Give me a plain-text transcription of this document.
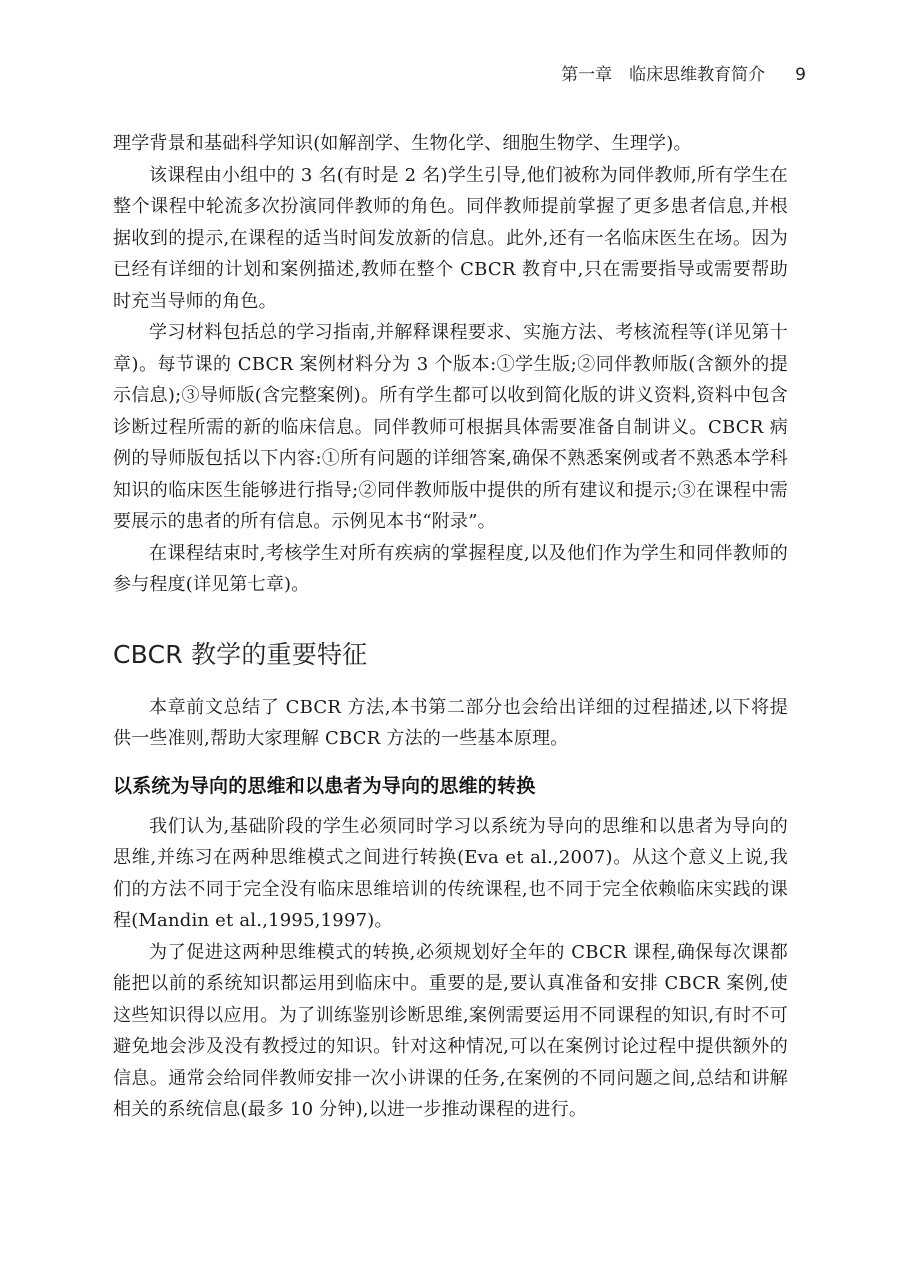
第一章　临床思维教育简介 9

理学背景和基础科学知识(如解剖学、生物化学、细胞生物学、生理学)。

该课程由小组中的 3 名(有时是 2 名)学生引导,他们被称为同伴教师,所有学生在整个课程中轮流多次扮演同伴教师的角色。同伴教师提前掌握了更多患者信息,并根据收到的提示,在课程的适当时间发放新的信息。此外,还有一名临床医生在场。因为已经有详细的计划和案例描述,教师在整个 CBCR 教育中,只在需要指导或需要帮助时充当导师的角色。

学习材料包括总的学习指南,并解释课程要求、实施方法、考核流程等(详见第十章)。每节课的 CBCR 案例材料分为 3 个版本:①学生版;②同伴教师版(含额外的提示信息);③导师版(含完整案例)。所有学生都可以收到简化版的讲义资料,资料中包含诊断过程所需的新的临床信息。同伴教师可根据具体需要准备自制讲义。CBCR 病例的导师版包括以下内容:①所有问题的详细答案,确保不熟悉案例或者不熟悉本学科知识的临床医生能够进行指导;②同伴教师版中提供的所有建议和提示;③在课程中需要展示的患者的所有信息。示例见本书“附录”。

在课程结束时,考核学生对所有疾病的掌握程度,以及他们作为学生和同伴教师的参与程度(详见第七章)。

CBCR 教学的重要特征

本章前文总结了 CBCR 方法,本书第二部分也会给出详细的过程描述,以下将提供一些准则,帮助大家理解 CBCR 方法的一些基本原理。

以系统为导向的思维和以患者为导向的思维的转换

我们认为,基础阶段的学生必须同时学习以系统为导向的思维和以患者为导向的思维,并练习在两种思维模式之间进行转换(Eva et al.,2007)。从这个意义上说,我们的方法不同于完全没有临床思维培训的传统课程,也不同于完全依赖临床实践的课程(Mandin et al.,1995,1997)。

为了促进这两种思维模式的转换,必须规划好全年的 CBCR 课程,确保每次课都能把以前的系统知识都运用到临床中。重要的是,要认真准备和安排 CBCR 案例,使这些知识得以应用。为了训练鉴别诊断思维,案例需要运用不同课程的知识,有时不可避免地会涉及没有教授过的知识。针对这种情况,可以在案例讨论过程中提供额外的信息。通常会给同伴教师安排一次小讲课的任务,在案例的不同问题之间,总结和讲解相关的系统信息(最多 10 分钟),以进一步推动课程的进行。
